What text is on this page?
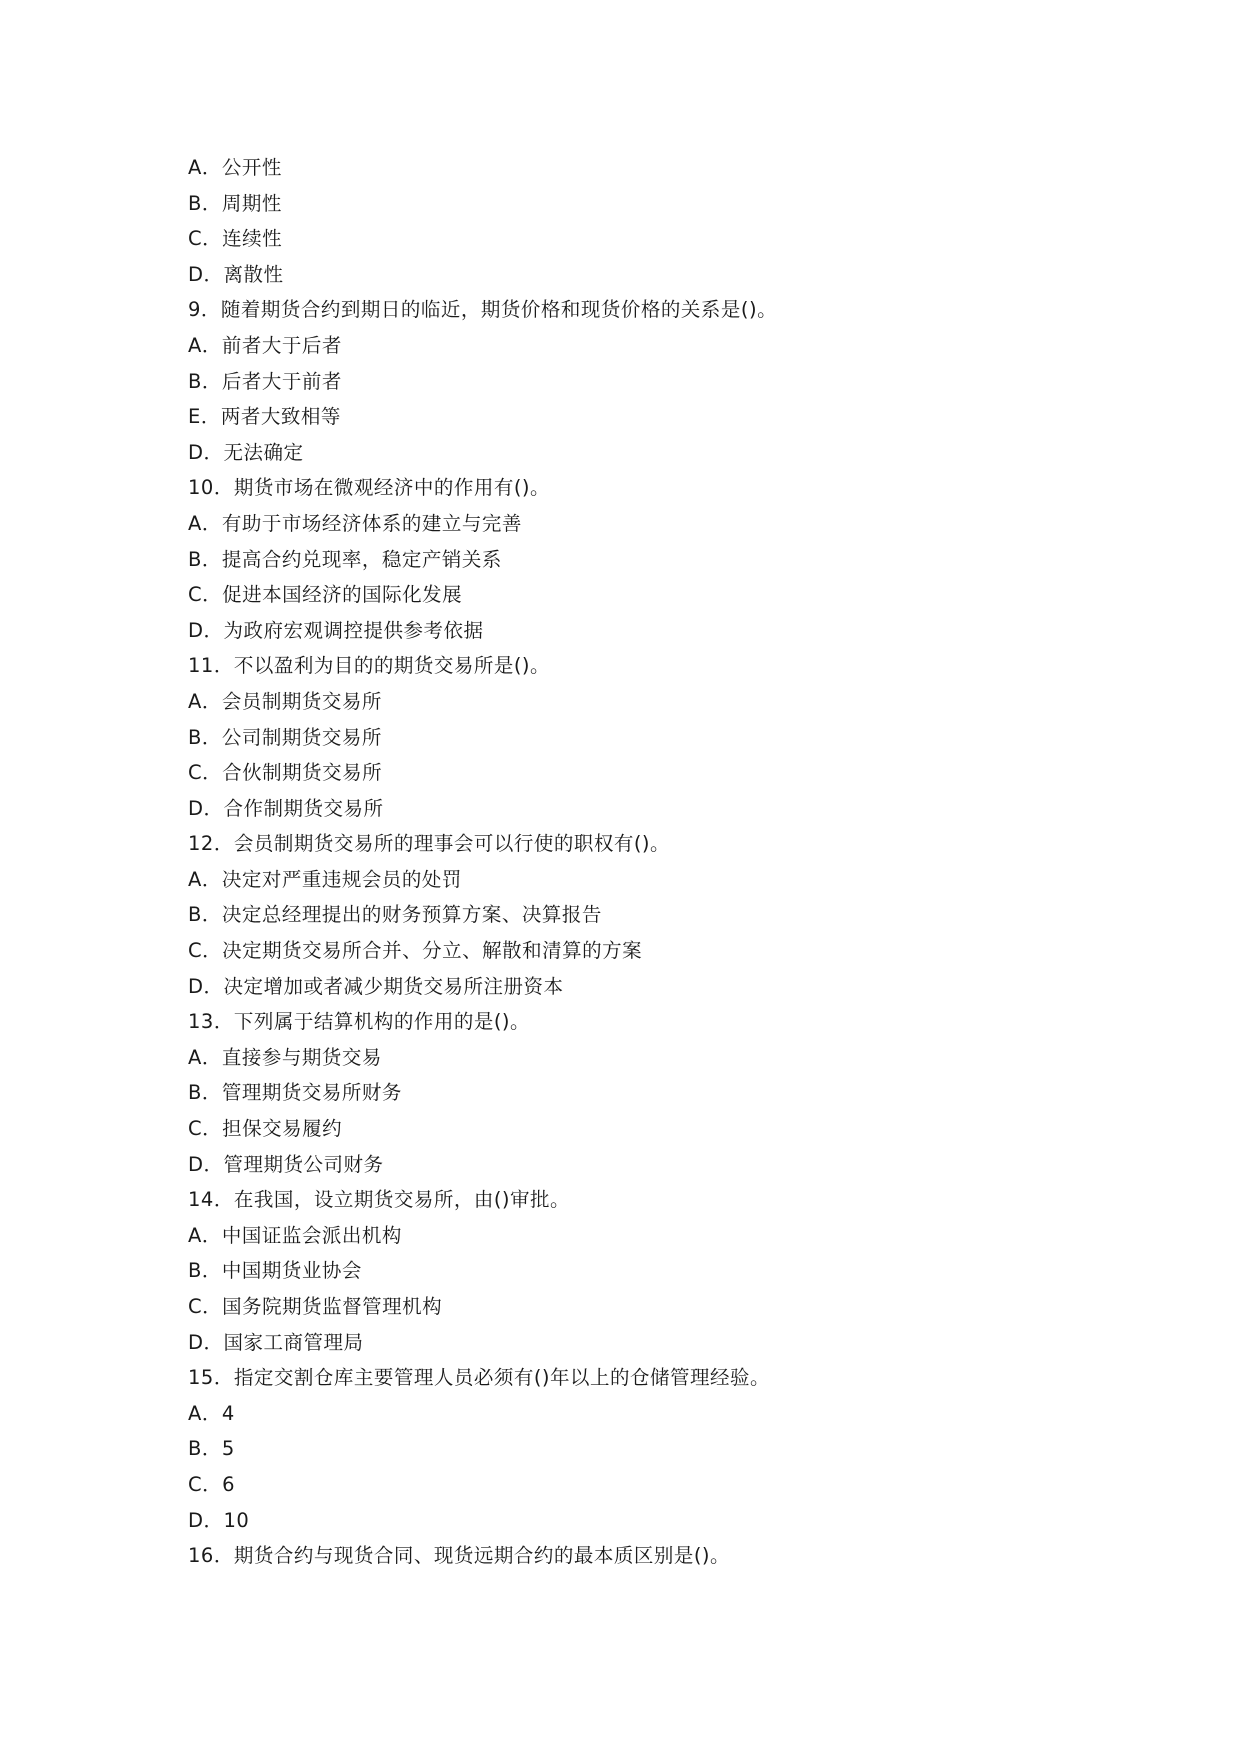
A．公开性
B．周期性
C．连续性
D．离散性
9．随着期货合约到期日的临近，期货价格和现货价格的关系是()。
A．前者大于后者
B．后者大于前者
E．两者大致相等
D．无法确定
10．期货市场在微观经济中的作用有()。
A．有助于市场经济体系的建立与完善
B．提高合约兑现率，稳定产销关系
C．促进本国经济的国际化发展
D．为政府宏观调控提供参考依据
11．不以盈利为目的的期货交易所是()。
A．会员制期货交易所
B．公司制期货交易所
C．合伙制期货交易所
D．合作制期货交易所
12．会员制期货交易所的理事会可以行使的职权有()。
A．决定对严重违规会员的处罚
B．决定总经理提出的财务预算方案、决算报告
C．决定期货交易所合并、分立、解散和清算的方案
D．决定增加或者减少期货交易所注册资本
13．下列属于结算机构的作用的是()。
A．直接参与期货交易
B．管理期货交易所财务
C．担保交易履约
D．管理期货公司财务
14．在我国，设立期货交易所，由()审批。
A．中国证监会派出机构
B．中国期货业协会
C．国务院期货监督管理机构
D．国家工商管理局
15．指定交割仓库主要管理人员必须有()年以上的仓储管理经验。
A．4
B．5
C．6
D．10
16．期货合约与现货合同、现货远期合约的最本质区别是()。
